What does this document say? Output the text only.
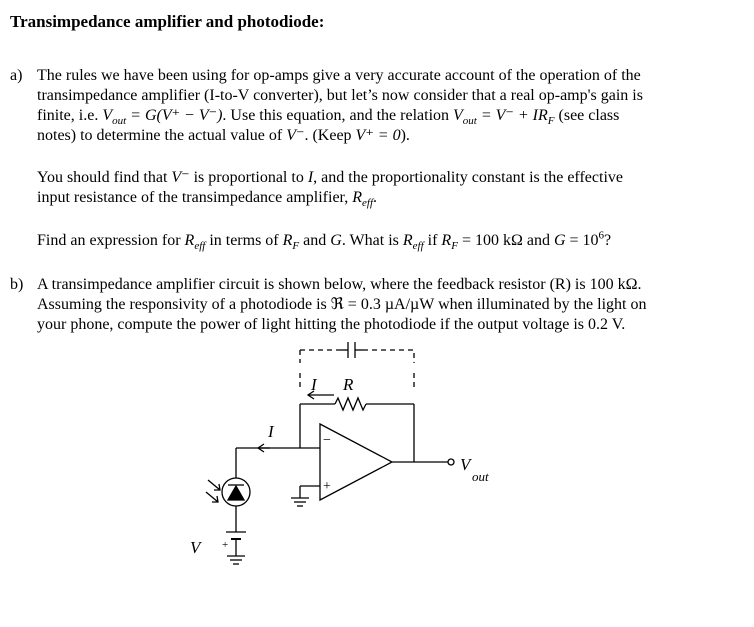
Transimpedance amplifier and photodiode:

a) The rules we have been using for op-amps give a very accurate account of the operation of the

transimpedance amplifier (I-to-V converter), but let’s now consider that a real op-amp's gain is

finite, i.e. $V_{out} = G(V^+ - V^-)$. Use this equation, and the relation $V_{out} = V^- + IR_F$ (see class

notes) to determine the actual value of V⁻. (Keep V⁺ = 0).

You should find that V⁻ is proportional to I, and the proportionality constant is the effective

input resistance of the transimpedance amplifier, $R_{eff}$.

Find an expression for $R_{eff}$ in terms of $R_F$ and G. What is $R_{eff}$ if $R_F = 100$ kΩ and $G = 10^6$?

b) A transimpedance amplifier circuit is shown below, where the feedback resistor (R) is 100 kΩ.

Assuming the responsivity of a photodiode is ℜ = 0.3 µA/µW when illuminated by the light on

your phone, compute the power of light hitting the photodiode if the output voltage is 0.2 V.

I R
I
V
out
V
−
+
+
